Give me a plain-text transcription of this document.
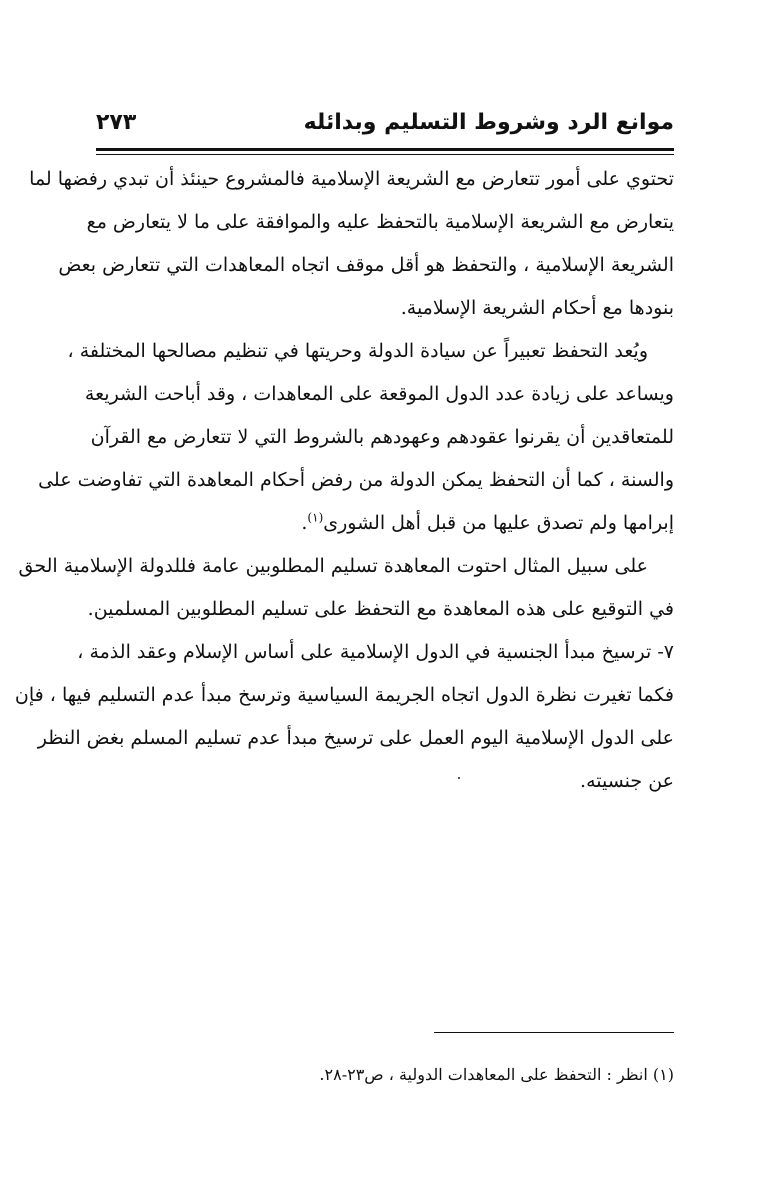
موانع الرد وشروط التسليم وبدائله
٢٧٣
تحتوي على أمور تتعارض مع الشريعة الإسلامية فالمشروع حينئذ أن تبدي رفضها لما
يتعارض مع الشريعة الإسلامية بالتحفظ عليه والموافقة على ما لا يتعارض مع
الشريعة الإسلامية ، والتحفظ هو أقل موقف اتجاه المعاهدات التي تتعارض بعض
بنودها مع أحكام الشريعة الإسلامية.
ويُعد التحفظ تعبيراً عن سيادة الدولة وحريتها في تنظيم مصالحها المختلفة ،
ويساعد على زيادة عدد الدول الموقعة على المعاهدات ، وقد أباحت الشريعة
للمتعاقدين أن يقرنوا عقودهم وعهودهم بالشروط التي لا تتعارض مع القرآن
والسنة ، كما أن التحفظ يمكن الدولة من رفض أحكام المعاهدة التي تفاوضت على
إبرامها ولم تصدق عليها من قبل أهل الشورى$^{(١)}$.
على سبيل المثال احتوت المعاهدة تسليم المطلوبين عامة فللدولة الإسلامية الحق
في التوقيع على هذه المعاهدة مع التحفظ على تسليم المطلوبين المسلمين.
٧- ترسيخ مبدأ الجنسية في الدول الإسلامية على أساس الإسلام وعقد الذمة ،
فكما تغيرت نظرة الدول اتجاه الجريمة السياسية وترسخ مبدأ عدم التسليم فيها ، فإن
على الدول الإسلامية اليوم العمل على ترسيخ مبدأ عدم تسليم المسلم بغض النظر
عن جنسيته.
(١) انظر : التحفظ على المعاهدات الدولية ، ص٢٣-٢٨.
